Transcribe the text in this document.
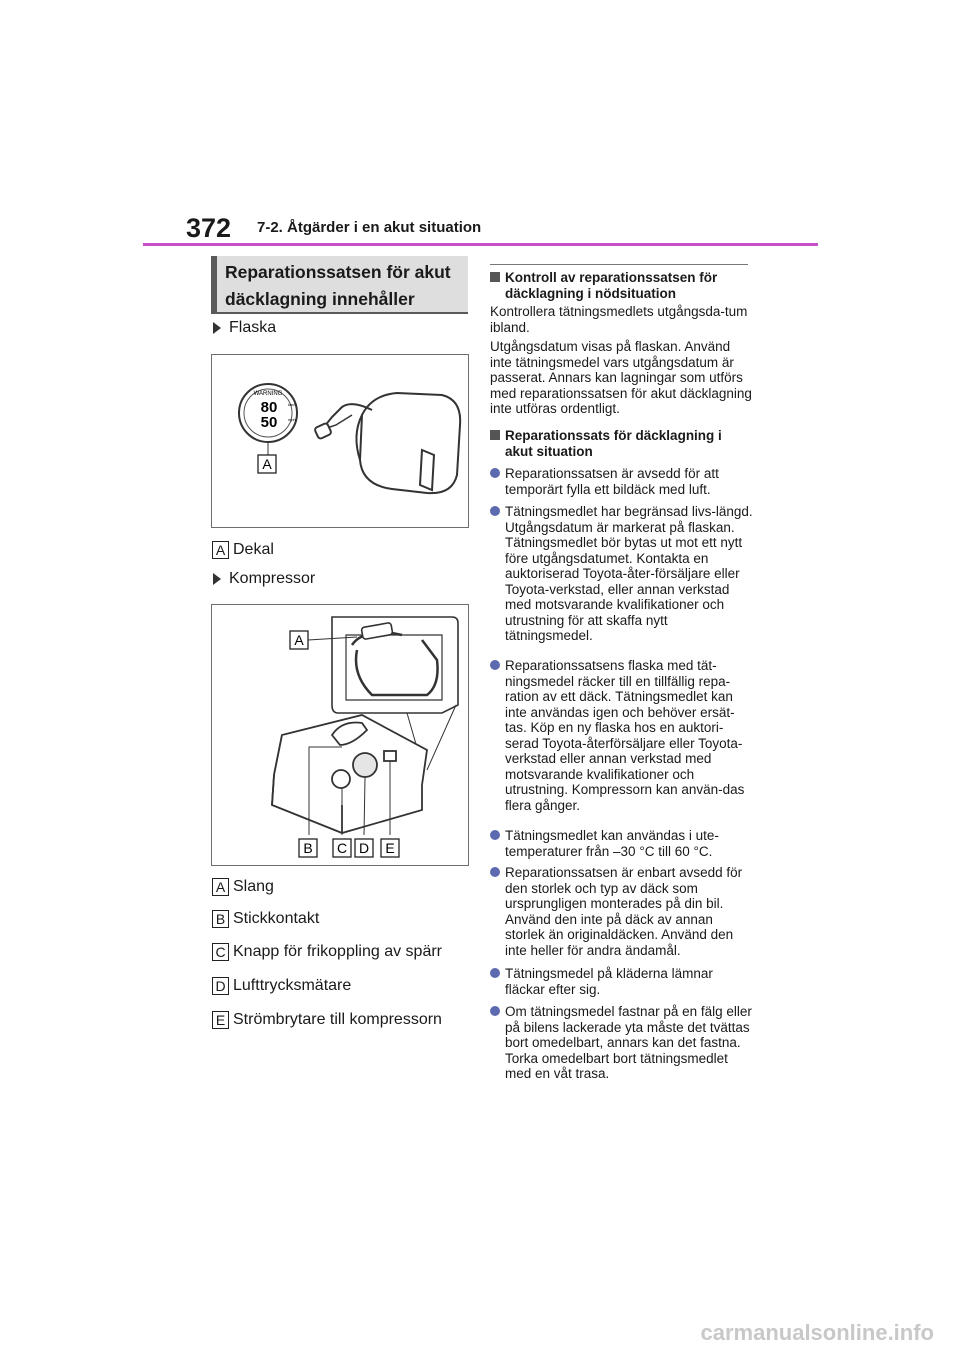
372 7-2. Åtgärder i en akut situation
Reparationssatsen för akut däcklagning innehåller
Flaska
WARNING
80
50
km/h
mph
A
A Dekal
Kompressor
A
B C D E
A Slang
B Stickkontakt
C Knapp för frikoppling av spärr
D Lufttrycksmätare
E Strömbrytare till kompressorn
Kontroll av reparationssatsen för däcklagning i nödsituation
Kontrollera tätningsmedlets utgångsda-tum ibland.
Utgångsdatum visas på flaskan. Använd inte tätningsmedel vars utgångsdatum är passerat. Annars kan lagningar som utförs med reparationssatsen för akut däcklagning inte utföras ordentligt.
Reparationssats för däcklagning i akut situation
Reparationssatsen är avsedd för att temporärt fylla ett bildäck med luft.
Tätningsmedlet har begränsad livs-längd. Utgångsdatum är markerat på flaskan. Tätningsmedlet bör bytas ut mot ett nytt före utgångsdatumet. Kontakta en auktoriserad Toyota-åter-försäljare eller Toyota-verkstad, eller annan verkstad med motsvarande kvalifikationer och utrustning för att skaffa nytt tätningsmedel.
Reparationssatsens flaska med tät-ningsmedel räcker till en tillfällig repa-ration av ett däck. Tätningsmedlet kan inte användas igen och behöver ersät-tas. Köp en ny flaska hos en auktori-serad Toyota-återförsäljare eller Toyota-verkstad eller annan verkstad med motsvarande kvalifikationer och utrustning. Kompressorn kan använ-das flera gånger.
Tätningsmedlet kan användas i ute-temperaturer från –30 °C till 60 °C.
Reparationssatsen är enbart avsedd för den storlek och typ av däck som ursprungligen monterades på din bil. Använd den inte på däck av annan storlek än originaldäcken. Använd den inte heller för andra ändamål.
Tätningsmedel på kläderna lämnar fläckar efter sig.
Om tätningsmedel fastnar på en fälg eller på bilens lackerade yta måste det tvättas bort omedelbart, annars kan det fastna. Torka omedelbart bort tätningsmedlet med en våt trasa.
carmanualsonline.info
